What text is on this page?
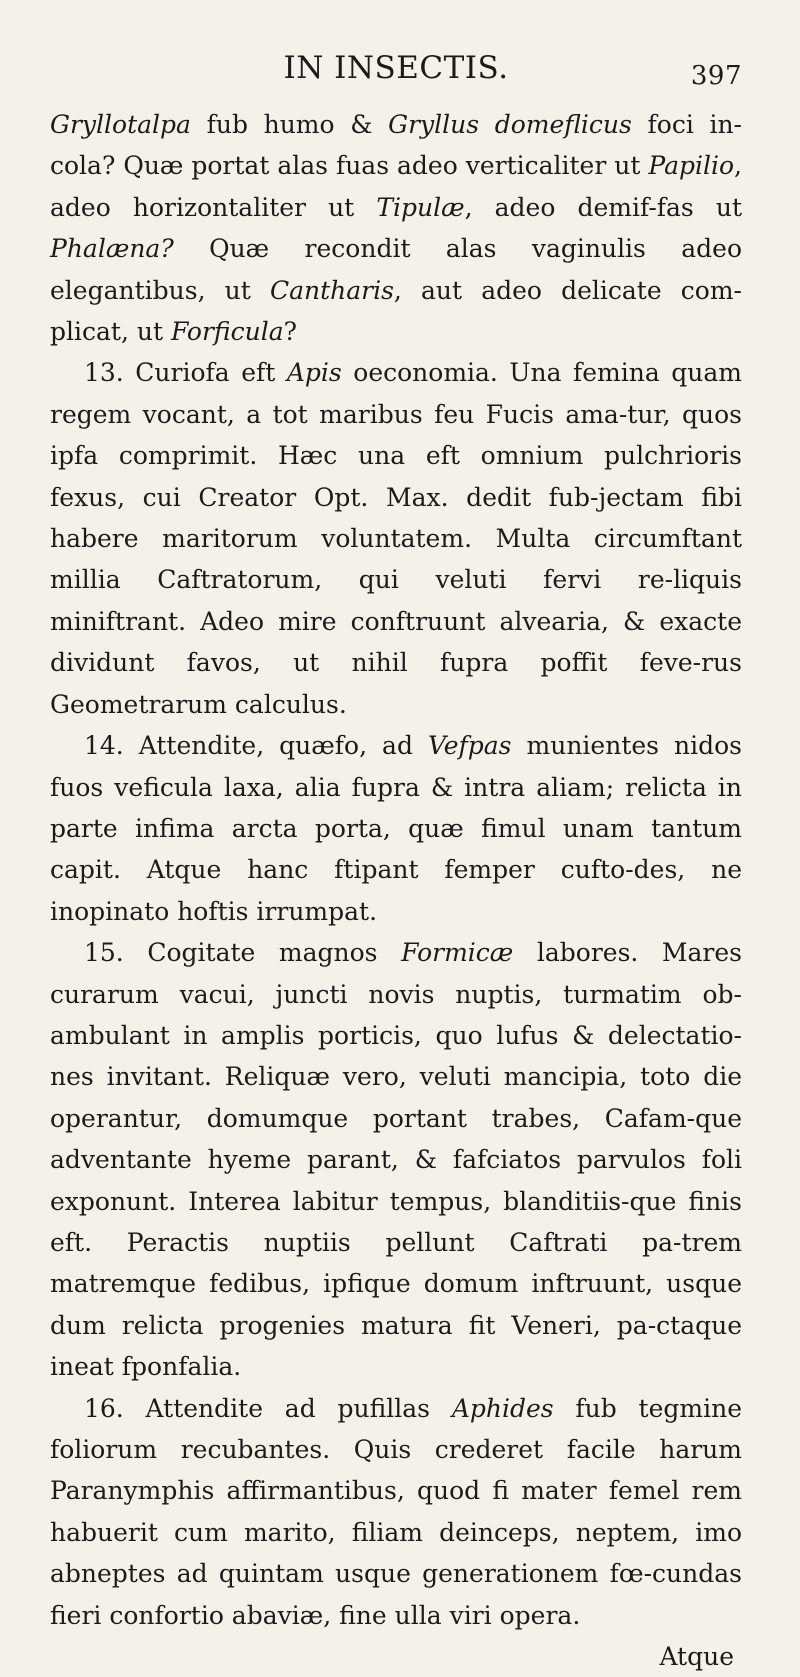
IN INSECTIS.	397

Gryllotalpa fub humo & Gryllus domeflicus foci in-cola? Quæ portat alas fuas adeo verticaliter ut Papilio, adeo horizontaliter ut Tipulæ, adeo demif-fas ut Phalæna? Quæ recondit alas vaginulis adeo elegantibus, ut Cantharis, aut adeo delicate com-plicat, ut Forficula?

13. Curiofa eft Apis oeconomia. Una femina quam regem vocant, a tot maribus feu Fucis ama-tur, quos ipfa comprimit. Hæc una eft omnium pulchrioris fexus, cui Creator Opt. Max. dedit fub-jectam fibi habere maritorum voluntatem. Multa circumftant millia Caftratorum, qui veluti fervi re-liquis miniftrant. Adeo mire conftruunt alvearia, & exacte dividunt favos, ut nihil fupra poffit feve-rus Geometrarum calculus.

14. Attendite, quæfo, ad Vefpas munientes nidos fuos veficula laxa, alia fupra & intra aliam; relicta in parte infima arcta porta, quæ fimul unam tantum capit. Atque hanc ftipant femper cufto-des, ne inopinato hoftis irrumpat.

15. Cogitate magnos Formicæ labores. Mares curarum vacui, juncti novis nuptis, turmatim ob-ambulant in amplis porticis, quo lufus & delectatio-nes invitant. Reliquæ vero, veluti mancipia, toto die operantur, domumque portant trabes, Cafam-que adventante hyeme parant, & fafciatos parvulos foli exponunt. Interea labitur tempus, blanditiis-que finis eft. Peractis nuptiis pellunt Caftrati pa-trem matremque fedibus, ipfique domum inftruunt, usque dum relicta progenies matura fit Veneri, pa-ctaque ineat fponfalia.

16. Attendite ad pufillas Aphides fub tegmine foliorum recubantes. Quis crederet facile harum Paranymphis affirmantibus, quod fi mater femel rem habuerit cum marito, filiam deinceps, neptem, imo abneptes ad quintam usque generationem fœ-cundas fieri confortio abaviæ, fine ulla viri opera.

Atque
